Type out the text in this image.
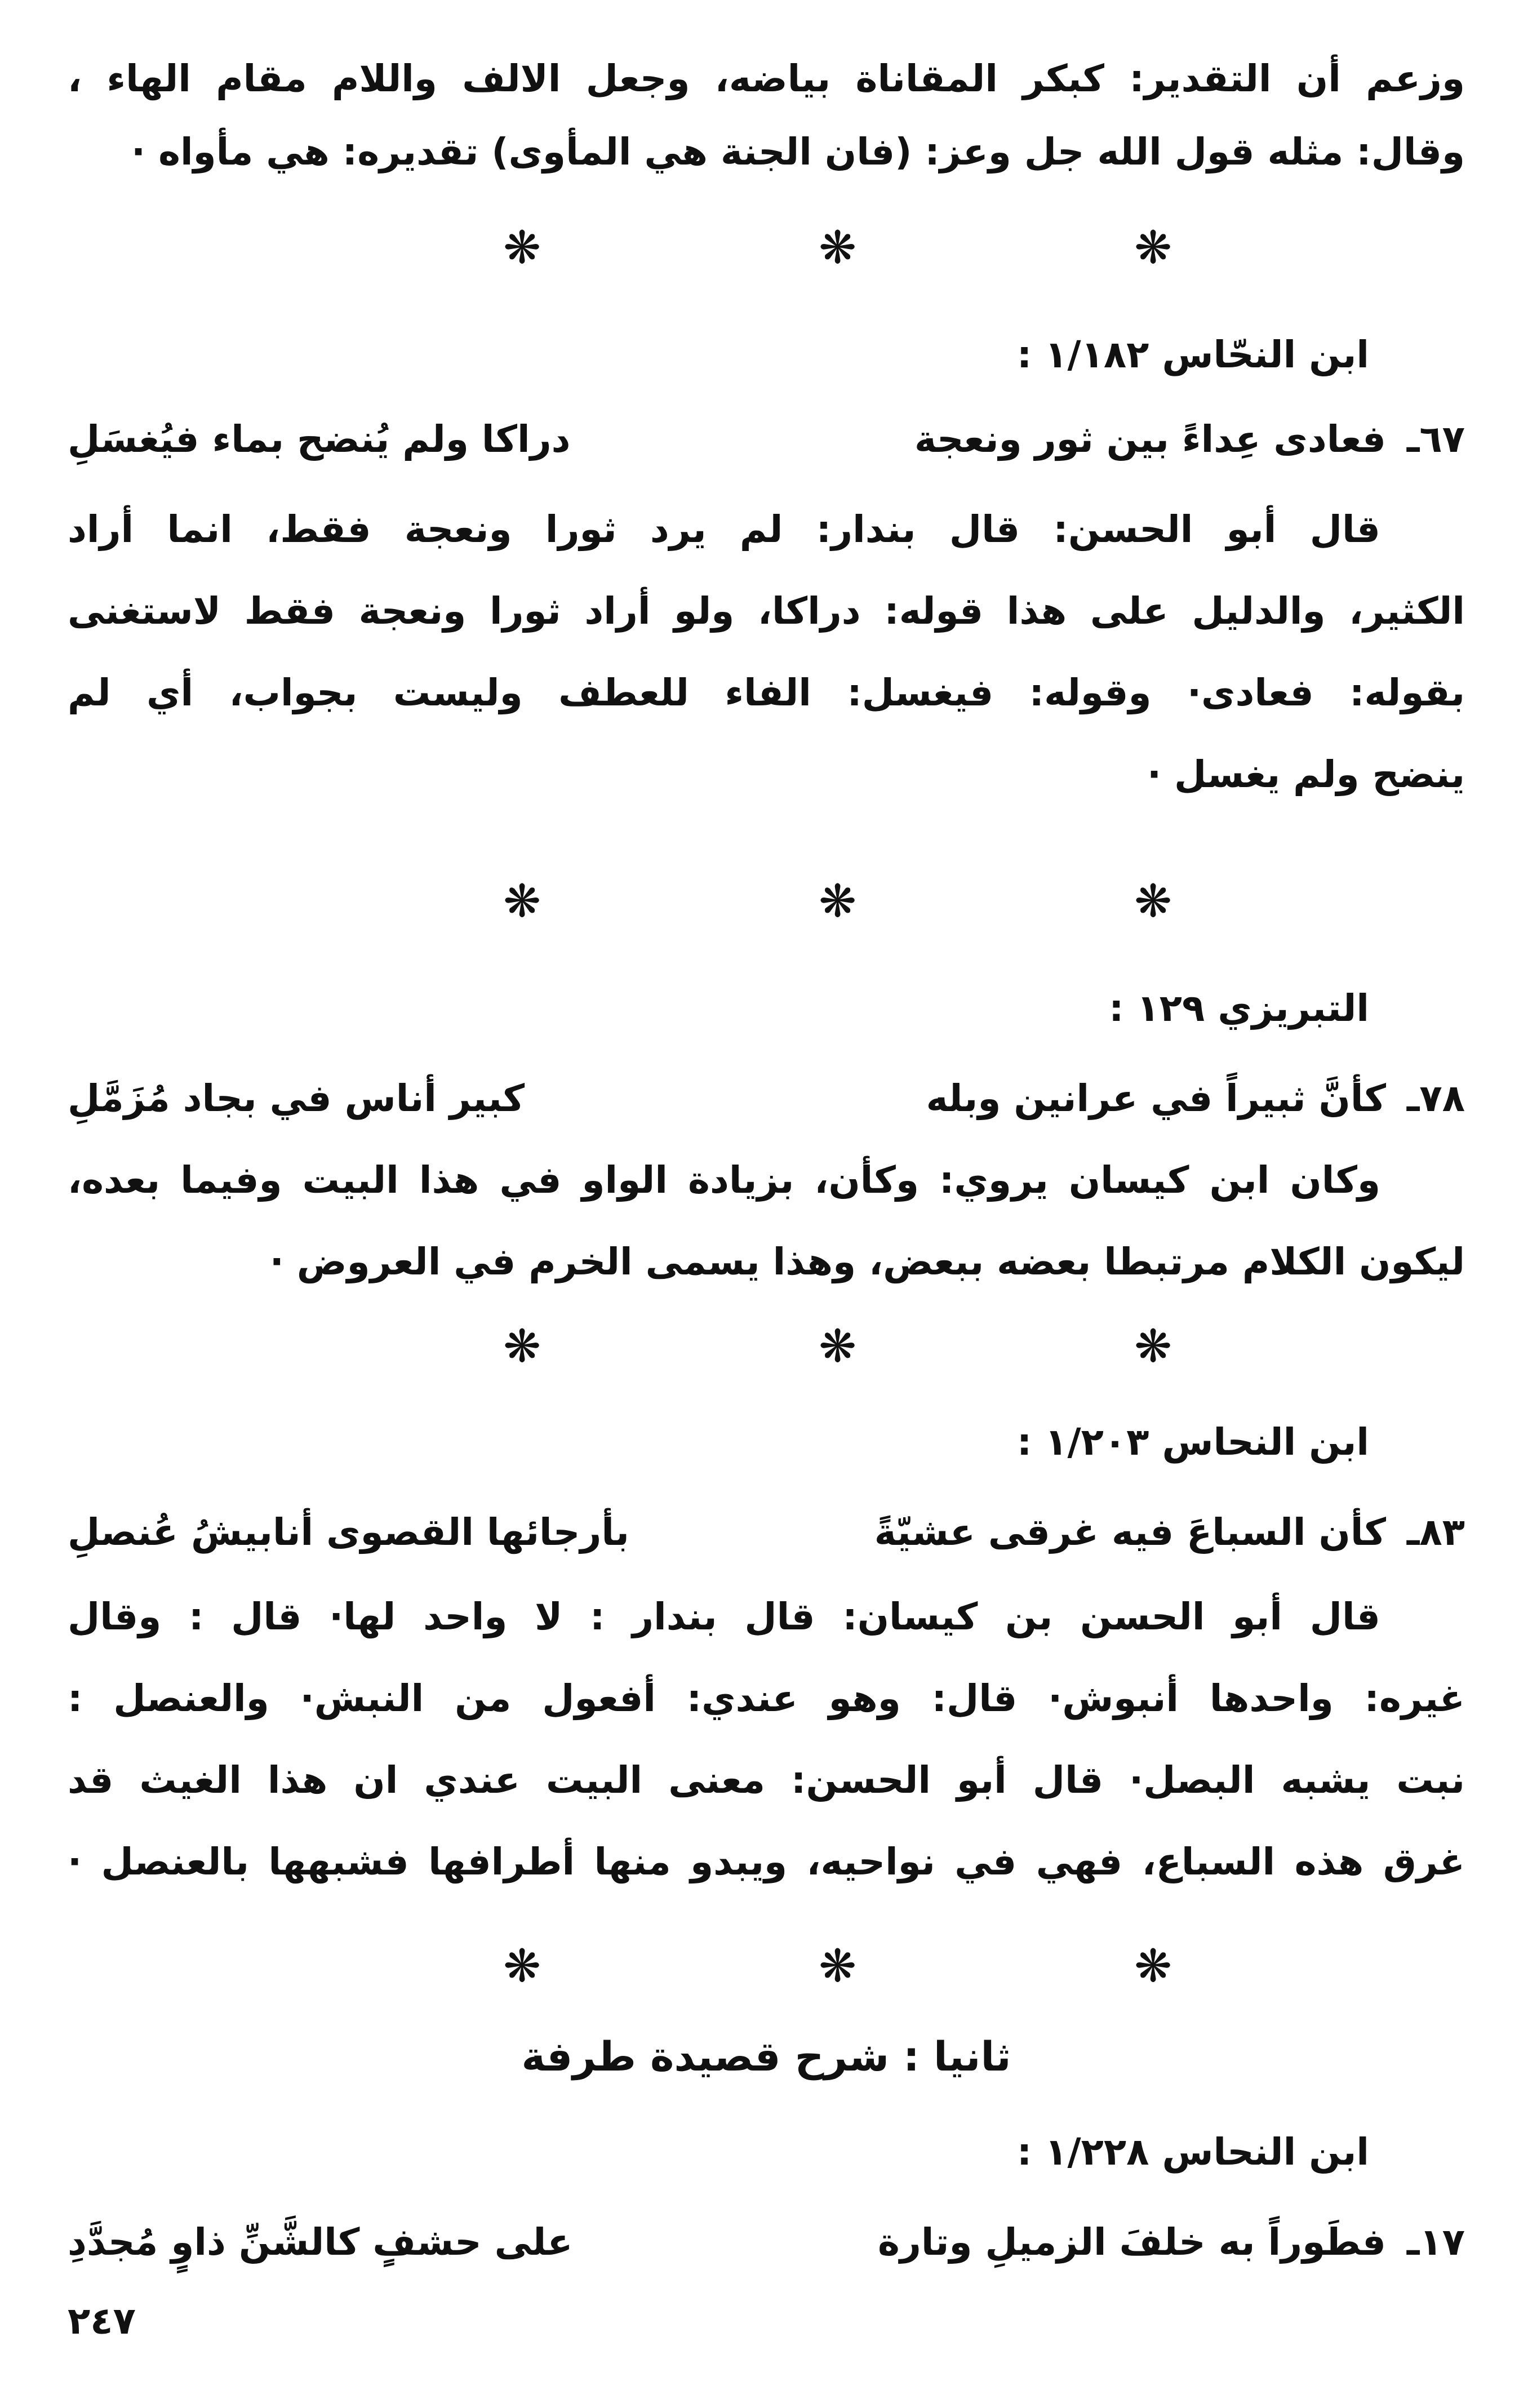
وزعم أن التقدير: كبكر المقاناة بياضه، وجعل الالف واللام مقام الهاء ،
وقال: مثله قول الله جل وعز: (فان الجنة هي المأوى) تقديره: هي مأواه ·
❋
❋
❋
ابن النحّاس ١/١٨٢ :
٦٧ـ
فعادى عِداءً بين ثور ونعجة
دراكا ولم يُنضح بماء فيُغسَلِ
قال أبو الحسن: قال بندار: لم يرد ثورا ونعجة فقط، انما أراد
الكثير، والدليل على هذا قوله: دراكا، ولو أراد ثورا ونعجة فقط لاستغنى
بقوله: فعادى· وقوله: فيغسل: الفاء للعطف وليست بجواب، أي لم
ينضح ولم يغسل ·
❋
❋
❋
التبريزي ١٢٩ :
٧٨ـ
كأنَّ ثبيراً في عرانين وبله
كبير أناس في بجاد مُزَمَّلِ
وكان ابن كيسان يروي: وكأن، بزيادة الواو في هذا البيت وفيما بعده،
ليكون الكلام مرتبطا بعضه ببعض، وهذا يسمى الخرم في العروض ·
❋
❋
❋
ابن النحاس ١/٢٠٣ :
٨٣ـ
كأن السباعَ فيه غرقى عشيّةً
بأرجائها القصوى أنابيشُ عُنصلِ
قال أبو الحسن بن كيسان: قال بندار : لا واحد لها· قال : وقال
غيره: واحدها أنبوش· قال: وهو عندي: أفعول من النبش· والعنصل :
نبت يشبه البصل· قال أبو الحسن: معنى البيت عندي ان هذا الغيث قد
غرق هذه السباع، فهي في نواحيه، ويبدو منها أطرافها فشبهها بالعنصل ·
❋
❋
❋
ثانيا : شرح قصيدة طرفة
ابن النحاس ١/٢٢٨ :
١٧ـ
فطَوراً به خلفَ الزميلِ وتارة
على حشفٍ كالشَّنِّ ذاوٍ مُجدَّدِ
٢٤٧
